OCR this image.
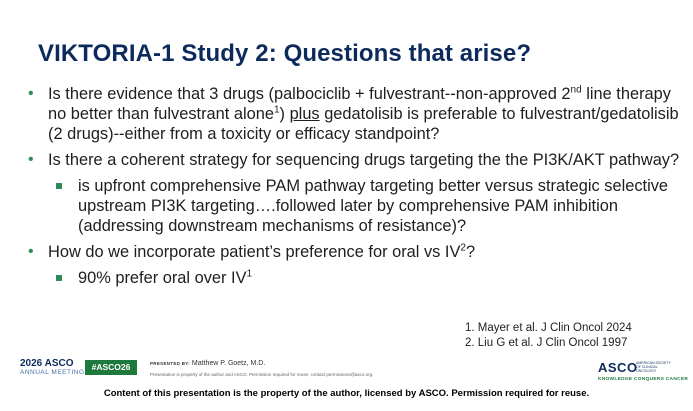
VIKTORIA-1 Study 2: Questions that arise?
• Is there evidence that 3 drugs (palbociclib + fulvestrant--non-approved 2nd line therapy no better than fulvestrant alone$^1$) plus gedatolisib is preferable to fulvestrant/gedatolisib (2 drugs)--either from a toxicity or efficacy standpoint?
• Is there a coherent strategy for sequencing drugs targeting the the PI3K/AKT pathway?
is upfront comprehensive PAM pathway targeting better versus strategic selective upstream PI3K targeting….followed later by comprehensive PAM inhibition (addressing downstream mechanisms of resistance)?
• How do we incorporate patient’s preference for oral vs $IV^2$?
90% prefer oral over $IV^1$
1. Mayer et al. J Clin Oncol 2024
2. Liu G et al. J Clin Oncol 1997
2026 ASCO
ANNUAL MEETING
#ASCO26	PRESENTED BY: Matthew P. Goetz, M.D.
Presentation is property of the author and ASCO. Permission required for reuse; contact permissions@asco.org.	ASCO
AMERICAN SOCIETY OF CLINICAL ONCOLOGY
KNOWLEDGE CONQUERS CANCER
Content of this presentation is the property of the author, licensed by ASCO. Permission required for reuse.
